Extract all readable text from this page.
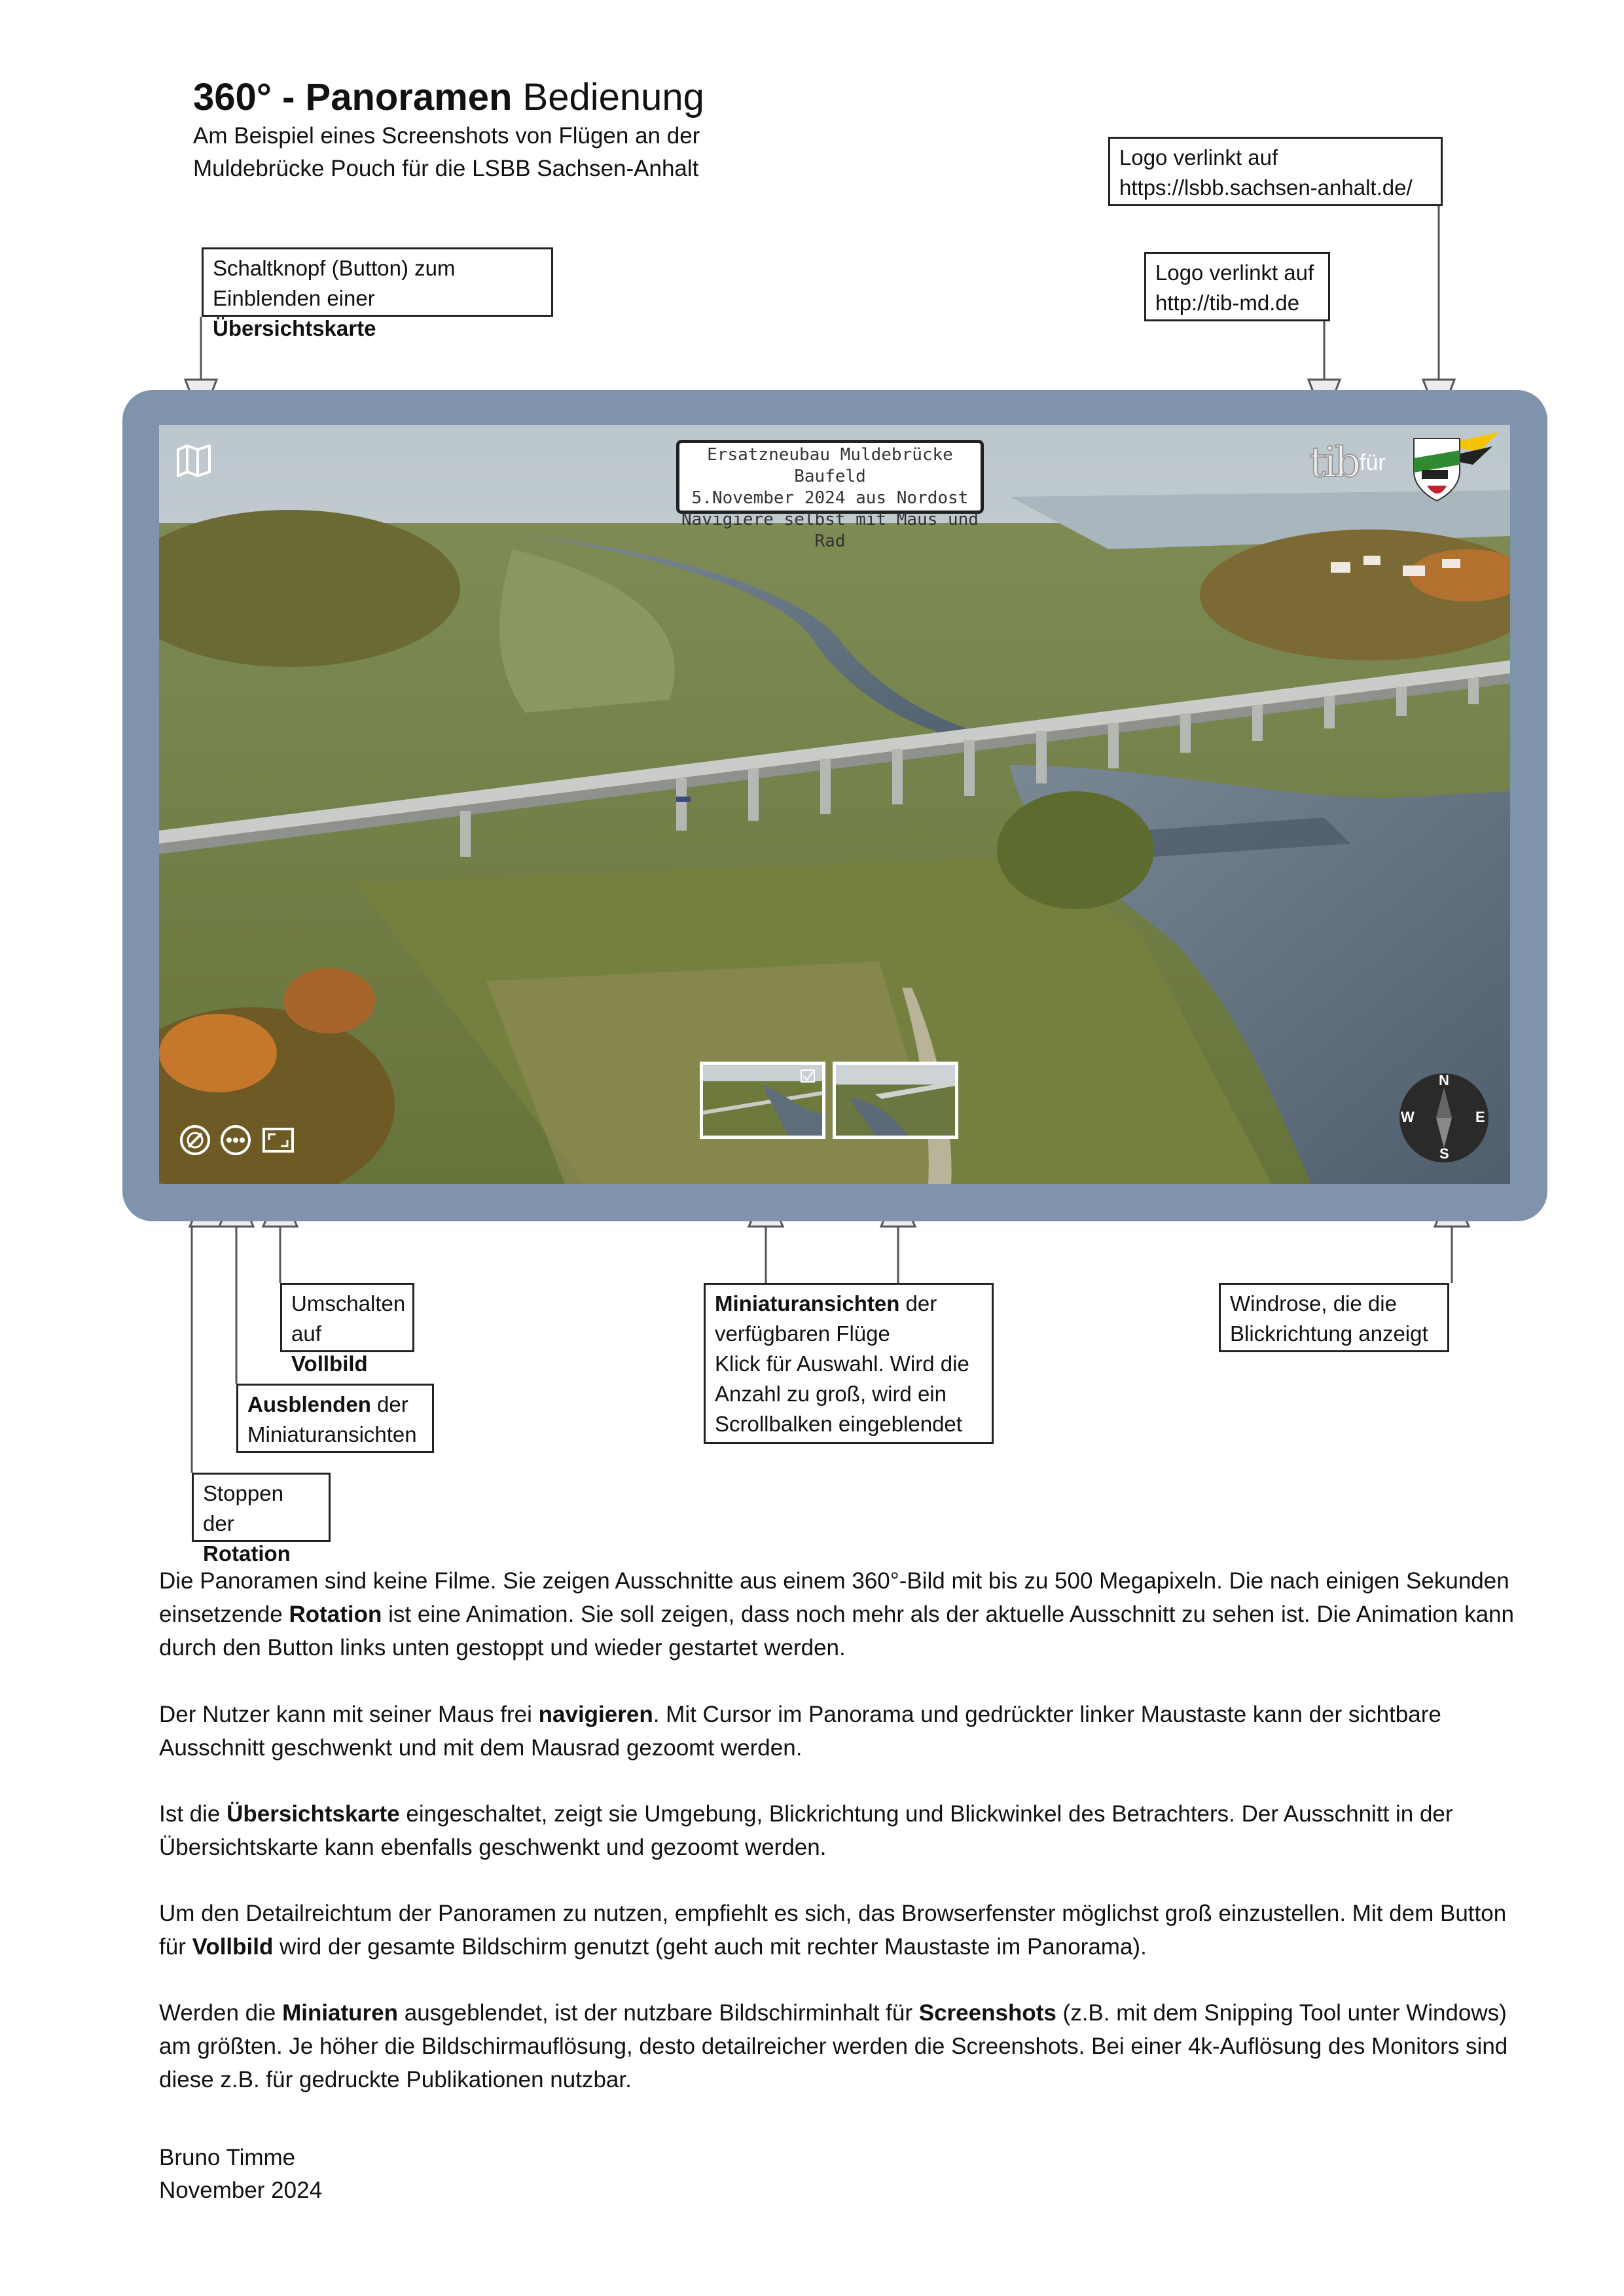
360° - Panoramen Bedienung
Am Beispiel eines Screenshots von Flügen an der
Muldebrücke Pouch für die LSBB Sachsen-Anhalt	Logo verlinkt auf
https://lsbb.sachsen-anhalt.de/
Logo verlinkt auf
http://tib-md.de
Schaltknopf (Button) zum
Einblenden einer Übersichtskarte
Ersatzneubau Muldebrücke Baufeld
5.November 2024 aus Nordost
Navigiere selbst mit Maus und Rad
tib für
N
E
S
W
Umschalten
auf Vollbild
Ausblenden der
Miniaturansichten
Stoppen der
Rotation
Miniaturansichten der
verfügbaren Flüge
Klick für Auswahl. Wird die
Anzahl zu groß, wird ein
Scrollbalken eingeblendet
Windrose, die die
Blickrichtung anzeigt
Die Panoramen sind keine Filme. Sie zeigen Ausschnitte aus einem 360°-Bild mit bis zu 500 Megapixeln. Die nach einigen Sekunden einsetzende Rotation ist eine Animation. Sie soll zeigen, dass noch mehr als der aktuelle Ausschnitt zu sehen ist. Die Animation kann durch den Button links unten gestoppt und wieder gestartet werden.
Der Nutzer kann mit seiner Maus frei navigieren. Mit Cursor im Panorama und gedrückter linker Maustaste kann der sichtbare Ausschnitt geschwenkt und mit dem Mausrad gezoomt werden.
Ist die Übersichtskarte eingeschaltet, zeigt sie Umgebung, Blickrichtung und Blickwinkel des Betrachters. Der Ausschnitt in der Übersichtskarte kann ebenfalls geschwenkt und gezoomt werden.
Um den Detailreichtum der Panoramen zu nutzen, empfiehlt es sich, das Browserfenster möglichst groß einzustellen. Mit dem Button für Vollbild wird der gesamte Bildschirm genutzt (geht auch mit rechter Maustaste im Panorama).
Werden die Miniaturen ausgeblendet, ist der nutzbare Bildschirminhalt für Screenshots (z.B. mit dem Snipping Tool unter Windows) am größten. Je höher die Bildschirmauflösung, desto detailreicher werden die Screenshots. Bei einer 4k-Auflösung des Monitors sind diese z.B. für gedruckte Publikationen nutzbar.
Bruno Timme
November 2024
